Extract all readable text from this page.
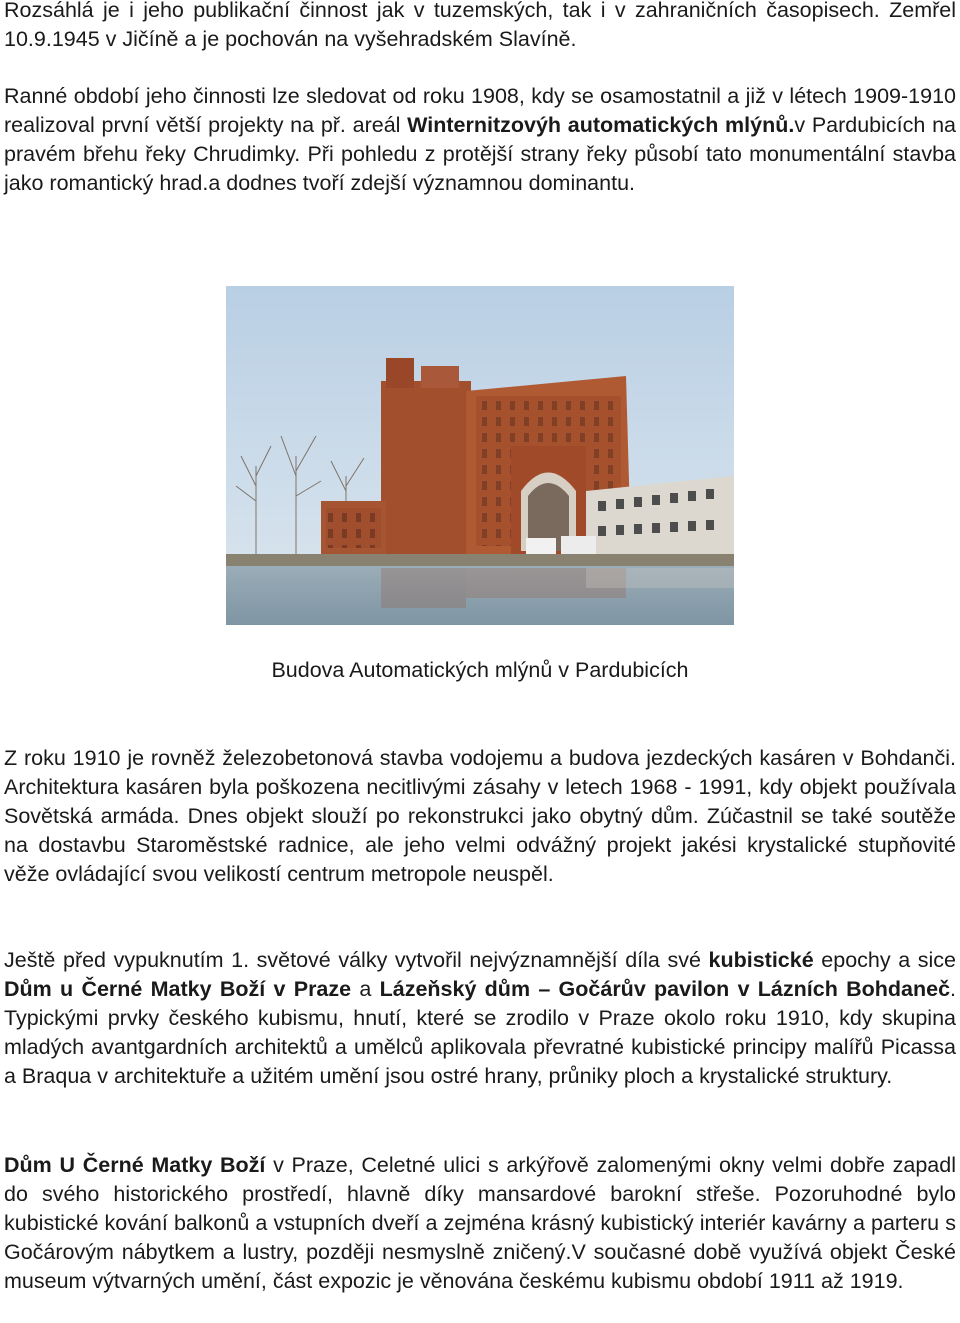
Rozsáhlá je i jeho publikační činnost jak v tuzemských, tak i v zahraničních časopisech. Zemřel 10.9.1945 v Jičíně a je pochován na vyšehradském Slavíně.
Ranné období jeho činnosti lze sledovat od roku 1908, kdy se osamostatnil a již v létech 1909-1910 realizoval první větší projekty na př. areál Winternitzovýh automatických mlýnů.v Pardubicích na pravém břehu řeky Chrudimky. Při pohledu z protější strany řeky působí tato monumentální stavba jako romantický hrad.a dodnes tvoří zdejší významnou dominantu.
Budova Automatických mlýnů v Pardubicích
Z roku 1910 je rovněž železobetonová stavba vodojemu a budova jezdeckých kasáren v Bohdanči. Architektura kasáren byla poškozena necitlivými zásahy v letech 1968 - 1991, kdy objekt používala Sovětská armáda. Dnes objekt slouží po rekonstrukci jako obytný dům. Zúčastnil se také soutěže na dostavbu Staroměstské radnice, ale jeho velmi odvážný projekt jakési krystalické stupňovité věže ovládající svou velikostí centrum metropole neuspěl.
Ještě před vypuknutím 1. světové války vytvořil nejvýznamnější díla své kubistické epochy a sice Dům u Černé Matky Boží v Praze a Lázeňský dům – Gočárův pavilon v Lázních Bohdaneč. Typickými prvky českého kubismu, hnutí, které se zrodilo v Praze okolo roku 1910, kdy skupina mladých avantgardních architektů a umělců aplikovala převratné kubistické principy malířů Picassa a Braqua v architektuře a užitém umění jsou ostré hrany, průniky ploch a krystalické struktury.
Dům U Černé Matky Boží v Praze, Celetné ulici s arkýřově zalomenými okny velmi dobře zapadl do svého historického prostředí, hlavně díky mansardové barokní střeše. Pozoruhodné bylo kubistické kování balkonů a vstupních dveří a zejména krásný kubistický interiér kavárny a parteru s Gočárovým nábytkem a lustry, později nesmyslně zničený.V současné době využívá objekt České museum výtvarných umění, část expozic je věnována českému kubismu období 1911 až 1919.
